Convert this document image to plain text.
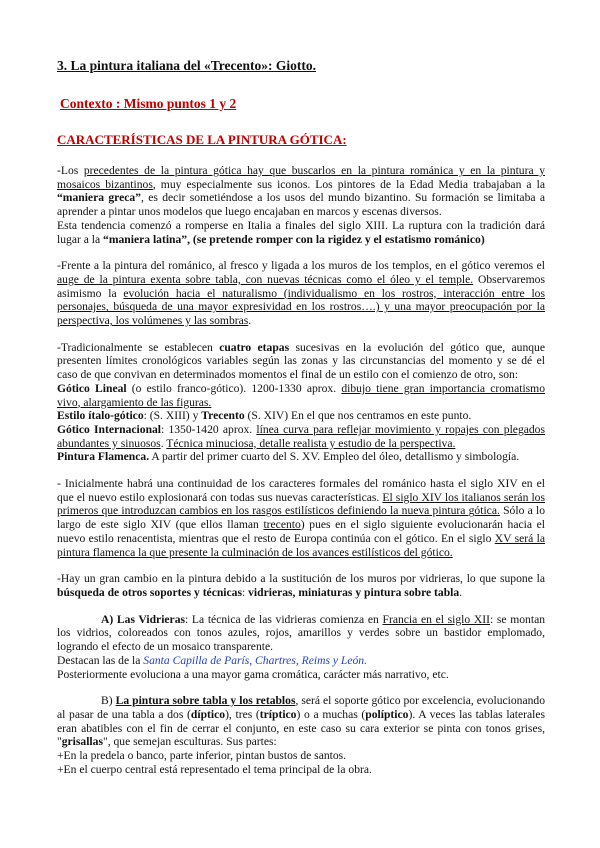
3. La pintura italiana del «Trecento»: Giotto.
Contexto : Mismo puntos 1 y 2
CARACTERÍSTICAS DE LA PINTURA GÓTICA:

-Los precedentes de la pintura gótica hay que buscarlos en la pintura románica y en la pintura y mosaicos bizantinos, muy especialmente sus iconos. Los pintores de la Edad Media trabajaban a la “maniera greca”, es decir sometiéndose a los usos del mundo bizantino. Su formación se limitaba a aprender a pintar unos modelos que luego encajaban en marcos y escenas diversos.

Esta tendencia comenzó a romperse en Italia a finales del siglo XIII. La ruptura con la tradición dará lugar a la “maniera latina”, (se pretende romper con la rigidez y el estatismo románico)

-Frente a la pintura del románico, al fresco y ligada a los muros de los templos, en el gótico veremos el auge de la pintura exenta sobre tabla, con nuevas técnicas como el óleo y el temple. Observaremos asimismo la evolución hacia el naturalismo (individualismo en los rostros, interacción entre los personajes, búsqueda de una mayor expresividad en los rostros….) y una mayor preocupación por la perspectiva, los volúmenes y las sombras.

-Tradicionalmente se establecen cuatro etapas sucesivas en la evolución del gótico que, aunque presenten límites cronológicos variables según las zonas y las circunstancias del momento y se dé el caso de que convivan en determinados momentos el final de un estilo con el comienzo de otro, son:

Gótico Lineal (o estilo franco-gótico). 1200-1330 aprox. dibujo tiene gran importancia cromatismo vivo, alargamiento de las figuras.

Estilo ítalo-gótico: (S. XIII) y Trecento (S. XIV) En el que nos centramos en este punto.

Gótico Internacional: 1350-1420 aprox. línea curva para reflejar movimiento y ropajes con plegados abundantes y sinuosos. Técnica minuciosa, detalle realista y estudio de la perspectiva.

Pintura Flamenca. A partir del primer cuarto del S. XV. Empleo del óleo, detallismo y simbología.

- Inicialmente habrá una continuidad de los caracteres formales del románico hasta el siglo XIV en el que el nuevo estilo explosionará con todas sus nuevas características. El siglo XIV los italianos serán los primeros que introduzcan cambios en los rasgos estilísticos definiendo la nueva pintura gótica. Sólo a lo largo de este siglo XIV (que ellos llaman trecento) pues en el siglo siguiente evolucionarán hacia el nuevo estilo renacentista, mientras que el resto de Europa continúa con el gótico. En el siglo XV será la pintura flamenca la que presente la culminación de los avances estilísticos del gótico.

-Hay un gran cambio en la pintura debido a la sustitución de los muros por vidrieras, lo que supone la búsqueda de otros soportes y técnicas: vidrieras, miniaturas y pintura sobre tabla.

A) Las Vidrieras: La técnica de las vidrieras comienza en Francia en el siglo XII: se montan los vidrios, coloreados con tonos azules, rojos, amarillos y verdes sobre un bastidor emplomado, logrando el efecto de un mosaico transparente.

Destacan las de la Santa Capilla de París, Chartres, Reims y León.

Posteriormente evoluciona a una mayor gama cromática, carácter más narrativo, etc.

B) La pintura sobre tabla y los retablos, será el soporte gótico por excelencia, evolucionando al pasar de una tabla a dos (díptico), tres (tríptico) o a muchas (políptico). A veces las tablas laterales eran abatibles con el fin de cerrar el conjunto, en este caso su cara exterior se pinta con tonos grises, "grisallas", que semejan esculturas. Sus partes:

+En la predela o banco, parte inferior, pintan bustos de santos.

+En el cuerpo central está representado el tema principal de la obra.
